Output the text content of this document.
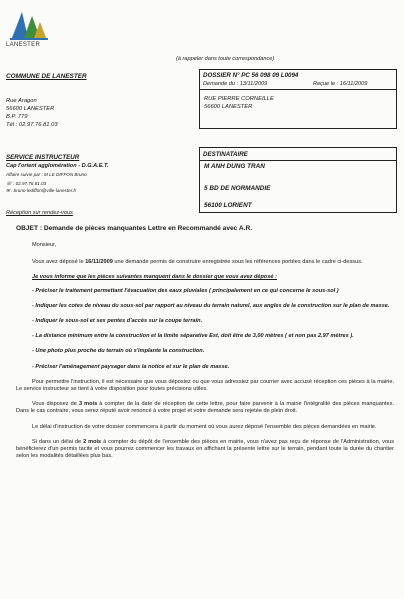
LANESTER
(à rappeler dans toute correspondance)
COMMUNE DE LANESTER
Rue Aragon
56600 LANESTER
B.P. 779
Tél : 02.97.76.81.03
DOSSIER N° PC 56 098 09 L0094
Demande du : 13/11/2009	Reçue le : 16/11/2009
RUE PIERRE CORNEILLE
56600 LANESTER
SERVICE INSTRUCTEUR
Cap l'orient agglomération - D.G.A.E.T.
Affaire suivie par : M LE DIFFON Bruno
☏ : 02.97.76.81.03
✉ : bruno-lediffon@ville-lanester.fr
Réception sur rendez-vous
DESTINATAIRE
M ANH DUNG TRAN
5 BD DE NORMANDIE
56100 LORIENT
OBJET : Demande de pièces manquantes Lettre en Recommandé avec A.R.

Monsieur,

Vous avez déposé le 16/11/2009 une demande permis de construire enregistrée sous les références portées dans le cadre ci-dessus.

Je vous informe que les pièces suivantes manquent dans le dossier que vous avez déposé :

- Préciser le traitement permettant l'évacuation des eaux pluviales ( principalement en ce qui concerne le sous-sol )

- Indiquer les cotes de niveau du sous-sol par rapport au niveau du terrain naturel, aux angles de la construction sur le plan de masse.

- Indiquer le sous-sol et ses pentes d'accès sur la coupe terrain.

- La distance minimum entre la construction et la limite séparative Est, doit être de 3,00 mètres ( et non pas 2,97 mètres ).

- Une photo plus proche du terrain où s'implante la construction.

- Préciser l'aménagement paysager dans la notice et sur le plan de masse.

Pour permettre l'instruction, il est nécessaire que vous déposiez ou que vous adressiez par courrier avec accusé réception ces pièces à la mairie. Le service instructeur se tient à votre disposition pour toutes précisions utiles.

Vous disposez de 3 mois à compter de la date de réception de cette lettre, pour faire parvenir à la mairie l'intégralité des pièces manquantes. Dans le cas contraire, vous serez réputé avoir renoncé à votre projet et votre demande sera rejetée de plein droit.

Le délai d'instruction de votre dossier commencera à partir du moment où vous aurez déposé l'ensemble des pièces demandées en mairie.

Si dans un délai de 2 mois à compter du dépôt de l'ensemble des pièces en mairie, vous n'avez pas reçu de réponse de l'Administration, vous bénéficierez d'un permis tacite et vous pourrez commencer les travaux en affichant la présente lettre sur le terrain, pendant toute la durée du chantier selon les modalités détaillées plus bas.
